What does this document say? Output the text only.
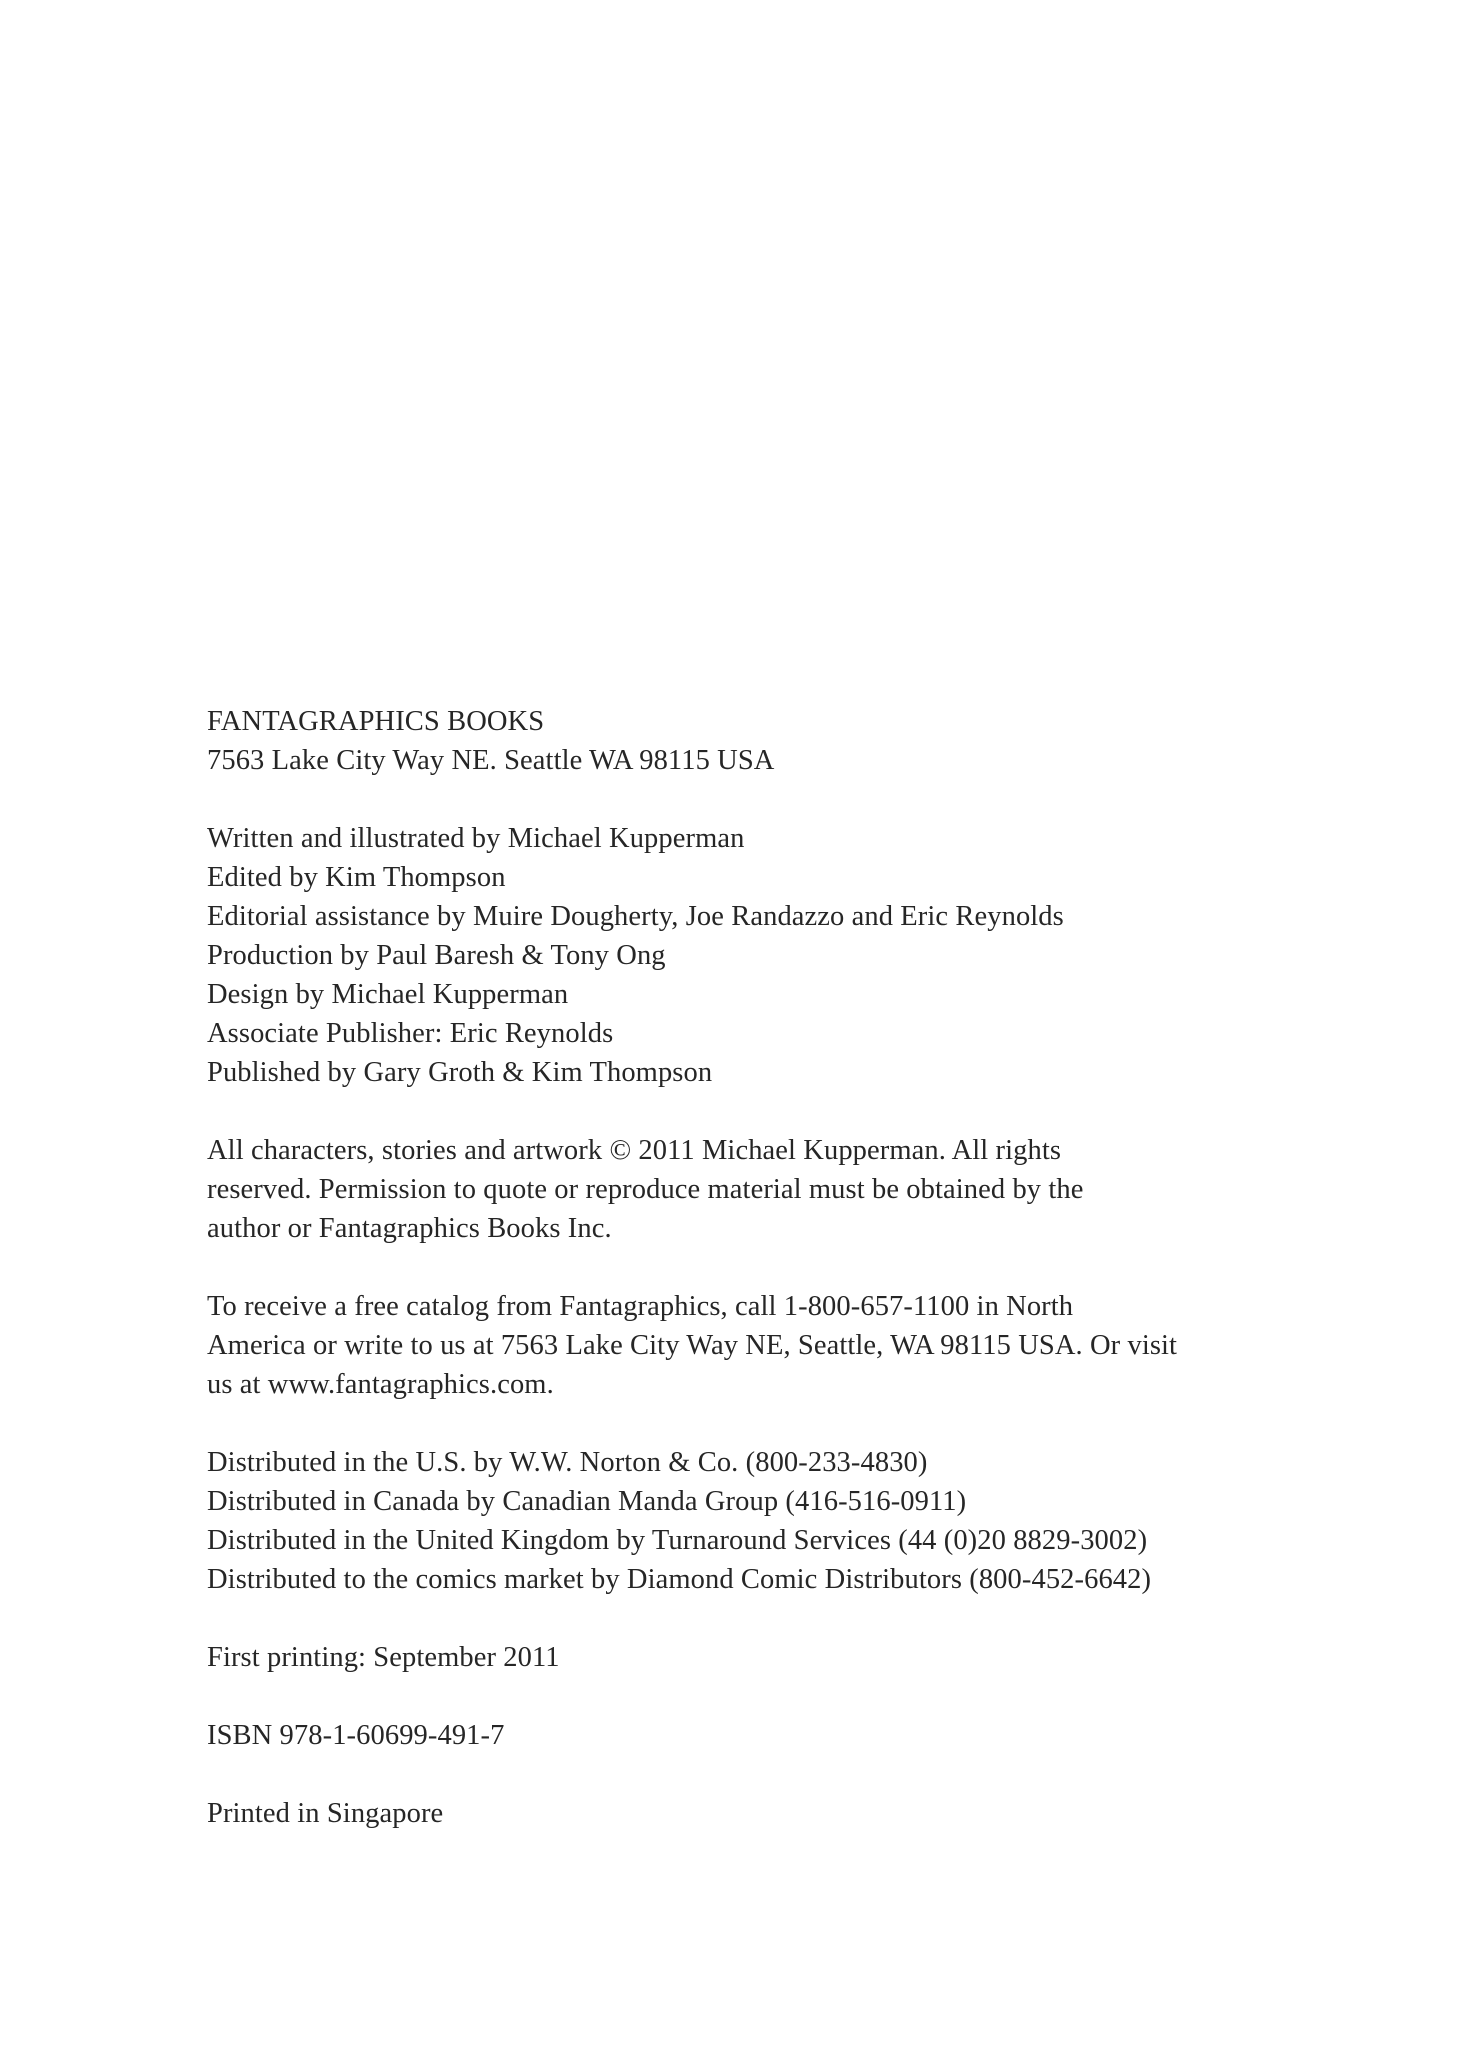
FANTAGRAPHICS BOOKS
7563 Lake City Way NE. Seattle WA 98115 USA
Written and illustrated by Michael Kupperman
Edited by Kim Thompson
Editorial assistance by Muire Dougherty, Joe Randazzo and Eric Reynolds
Production by Paul Baresh & Tony Ong
Design by Michael Kupperman
Associate Publisher: Eric Reynolds
Published by Gary Groth & Kim Thompson
All characters, stories and artwork © 2011 Michael Kupperman. All rights
reserved. Permission to quote or reproduce material must be obtained by the
author or Fantagraphics Books Inc.
To receive a free catalog from Fantagraphics, call 1-800-657-1100 in North
America or write to us at 7563 Lake City Way NE, Seattle, WA 98115 USA. Or visit
us at www.fantagraphics.com.
Distributed in the U.S. by W.W. Norton & Co. (800-233-4830)
Distributed in Canada by Canadian Manda Group (416-516-0911)
Distributed in the United Kingdom by Turnaround Services (44 (0)20 8829-3002)
Distributed to the comics market by Diamond Comic Distributors (800-452-6642)
First printing: September 2011
ISBN 978-1-60699-491-7
Printed in Singapore
